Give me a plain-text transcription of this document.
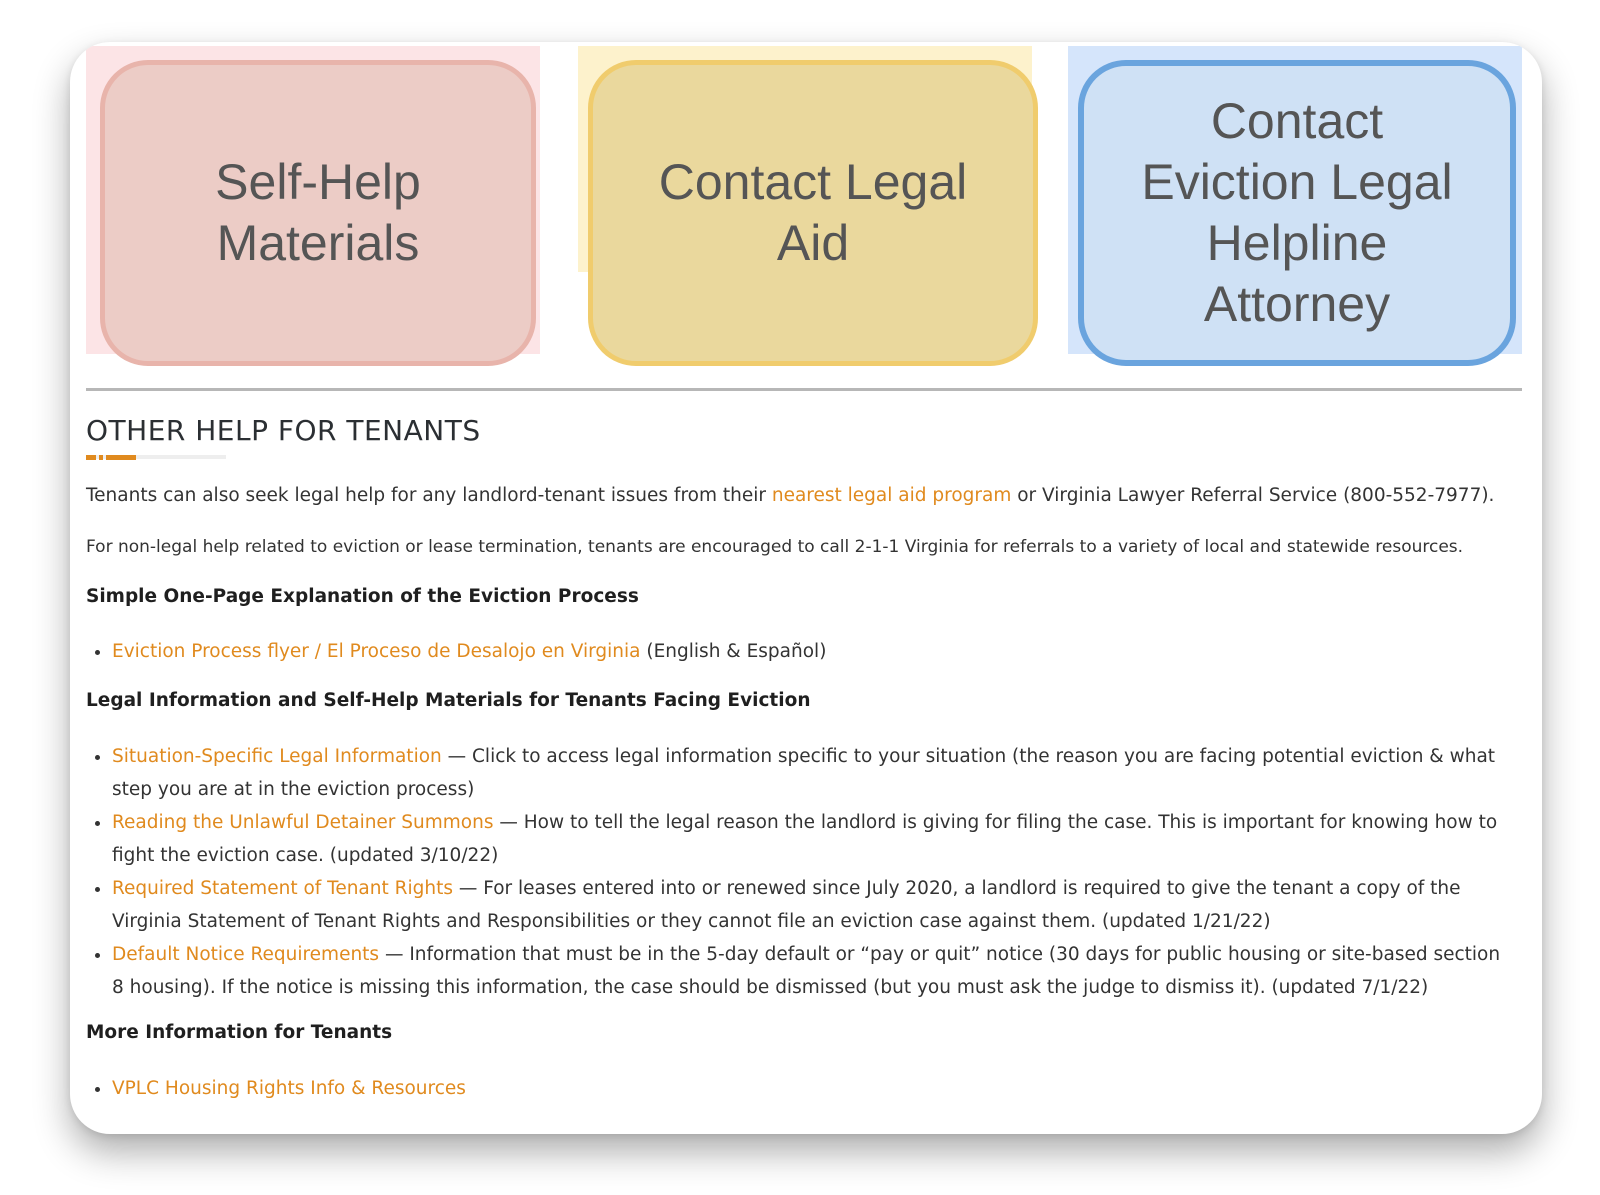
Self-Help
Materials
Contact Legal
Aid
Contact
Eviction Legal
Helpline
Attorney
OTHER HELP FOR TENANTS

Tenants can also seek legal help for any landlord-tenant issues from their nearest legal aid program or Virginia Lawyer Referral Service (800-552-7977).

For non-legal help related to eviction or lease termination, tenants are encouraged to call 2-1-1 Virginia for referrals to a variety of local and statewide resources.

Simple One-Page Explanation of the Eviction Process
• Eviction Process flyer / El Proceso de Desalojo en Virginia (English & Español)
Legal Information and Self-Help Materials for Tenants Facing Eviction
• Situation-Specific Legal Information — Click to access legal information specific to your situation (the reason you are facing potential eviction & what step you are at in the eviction process)
• Reading the Unlawful Detainer Summons — How to tell the legal reason the landlord is giving for filing the case. This is important for knowing how to fight the eviction case. (updated 3/10/22)
• Required Statement of Tenant Rights — For leases entered into or renewed since July 2020, a landlord is required to give the tenant a copy of the Virginia Statement of Tenant Rights and Responsibilities or they cannot file an eviction case against them. (updated 1/21/22)
• Default Notice Requirements — Information that must be in the 5-day default or “pay or quit” notice (30 days for public housing or site-based section 8 housing). If the notice is missing this information, the case should be dismissed (but you must ask the judge to dismiss it). (updated 7/1/22)
More Information for Tenants
• VPLC Housing Rights Info & Resources
